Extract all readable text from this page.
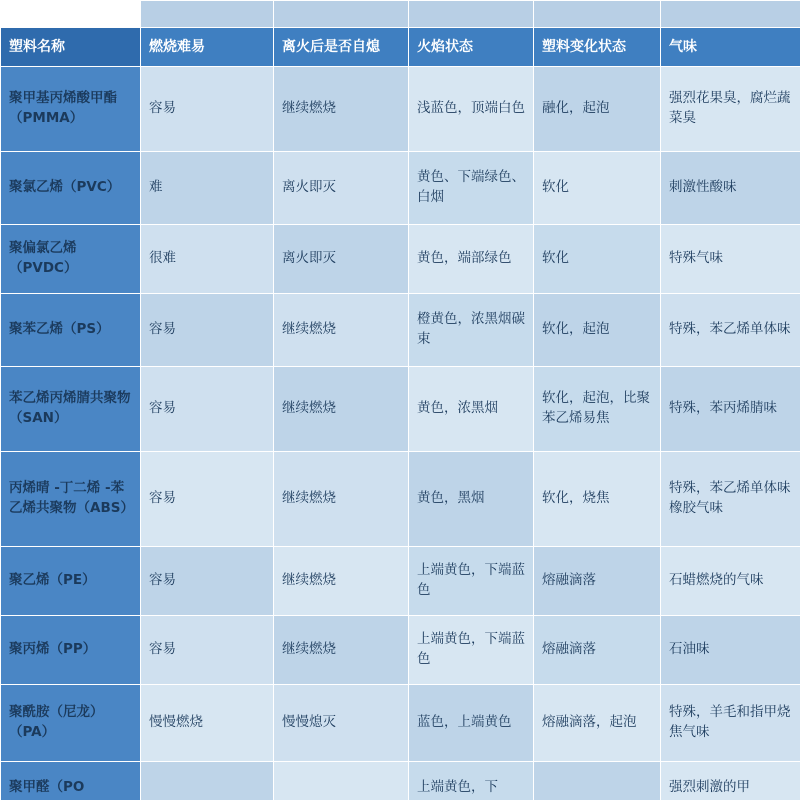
塑料名称	燃烧难易	离火后是否自熄	火焰状态	塑料变化状态	气味
聚甲基丙烯酸甲酯（PMMA）	容易	继续燃烧	浅蓝色，顶端白色	融化，起泡	强烈花果臭，腐烂蔬菜臭
聚氯乙烯（PVC）	难	离火即灭	黄色、下端绿色、白烟	软化	刺激性酸味
聚偏氯乙烯（PVDC）	很难	离火即灭	黄色，端部绿色	软化	特殊气味
聚苯乙烯（PS）	容易	继续燃烧	橙黄色，浓黑烟碳束	软化，起泡	特殊，苯乙烯单体味
苯乙烯丙烯腈共聚物（SAN）	容易	继续燃烧	黄色，浓黑烟	软化，起泡，比聚苯乙烯易焦	特殊，苯丙烯腈味
丙烯晴 -丁二烯 -苯乙烯共聚物（ABS）	容易	继续燃烧	黄色，黑烟	软化，烧焦	特殊，苯乙烯单体味橡胶气味
聚乙烯（PE）	容易	继续燃烧	上端黄色，下端蓝色	熔融滴落	石蜡燃烧的气味
聚丙烯（PP）	容易	继续燃烧	上端黄色，下端蓝色	熔融滴落	石油味
聚酰胺（尼龙）（PA）	慢慢燃烧	慢慢熄灭	蓝色，上端黄色	熔融滴落，起泡	特殊，羊毛和指甲烧焦气味
聚甲醛（PO			上端黄色，下		强烈刺激的甲
